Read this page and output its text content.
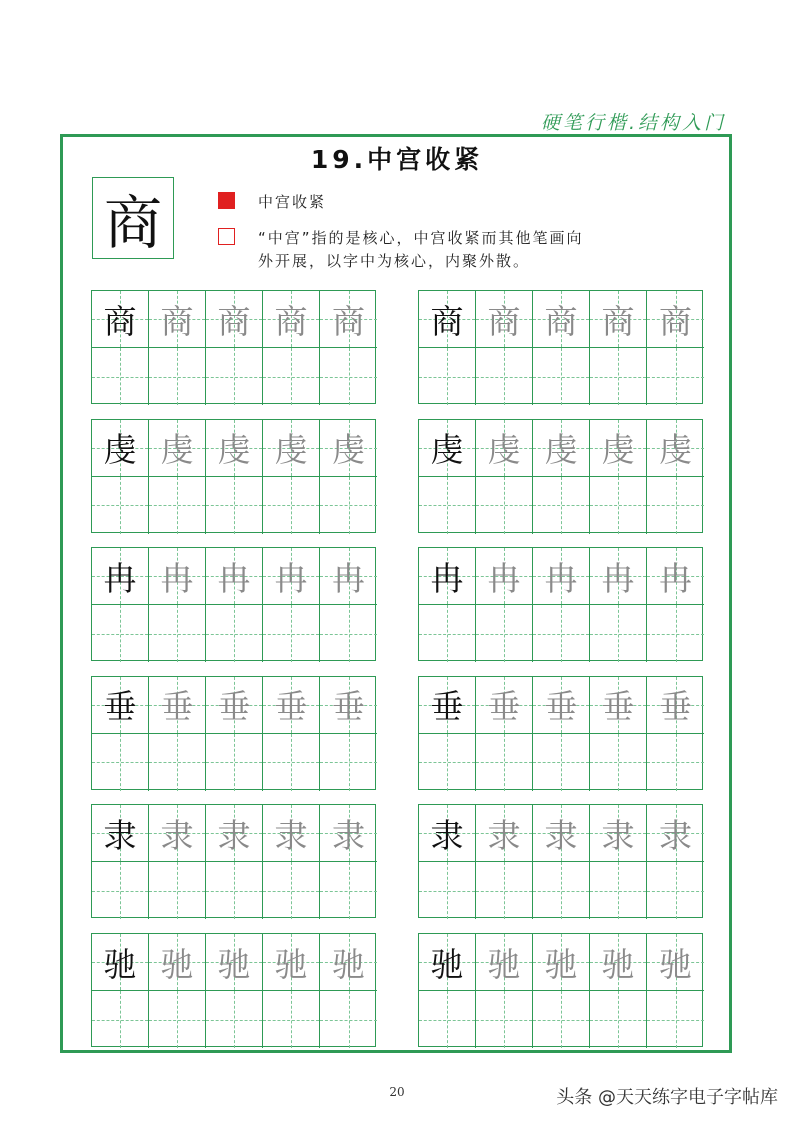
硬笔行楷.结构入门
19.中宫收紧
商	中宫收紧
“中宫”指的是核心，中宫收紧而其他笔画向
外开展，以字中为核心，内聚外散。
商 商 商 商 商	商 商 商 商 商
虔 虔 虔 虔 虔	虔 虔 虔 虔 虔
冉 冉 冉 冉 冉	冉 冉 冉 冉 冉
垂 垂 垂 垂 垂	垂 垂 垂 垂 垂
隶 隶 隶 隶 隶	隶 隶 隶 隶 隶
驰 驰 驰 驰 驰	驰 驰 驰 驰 驰
20	头条 @天天练字电子字帖库
